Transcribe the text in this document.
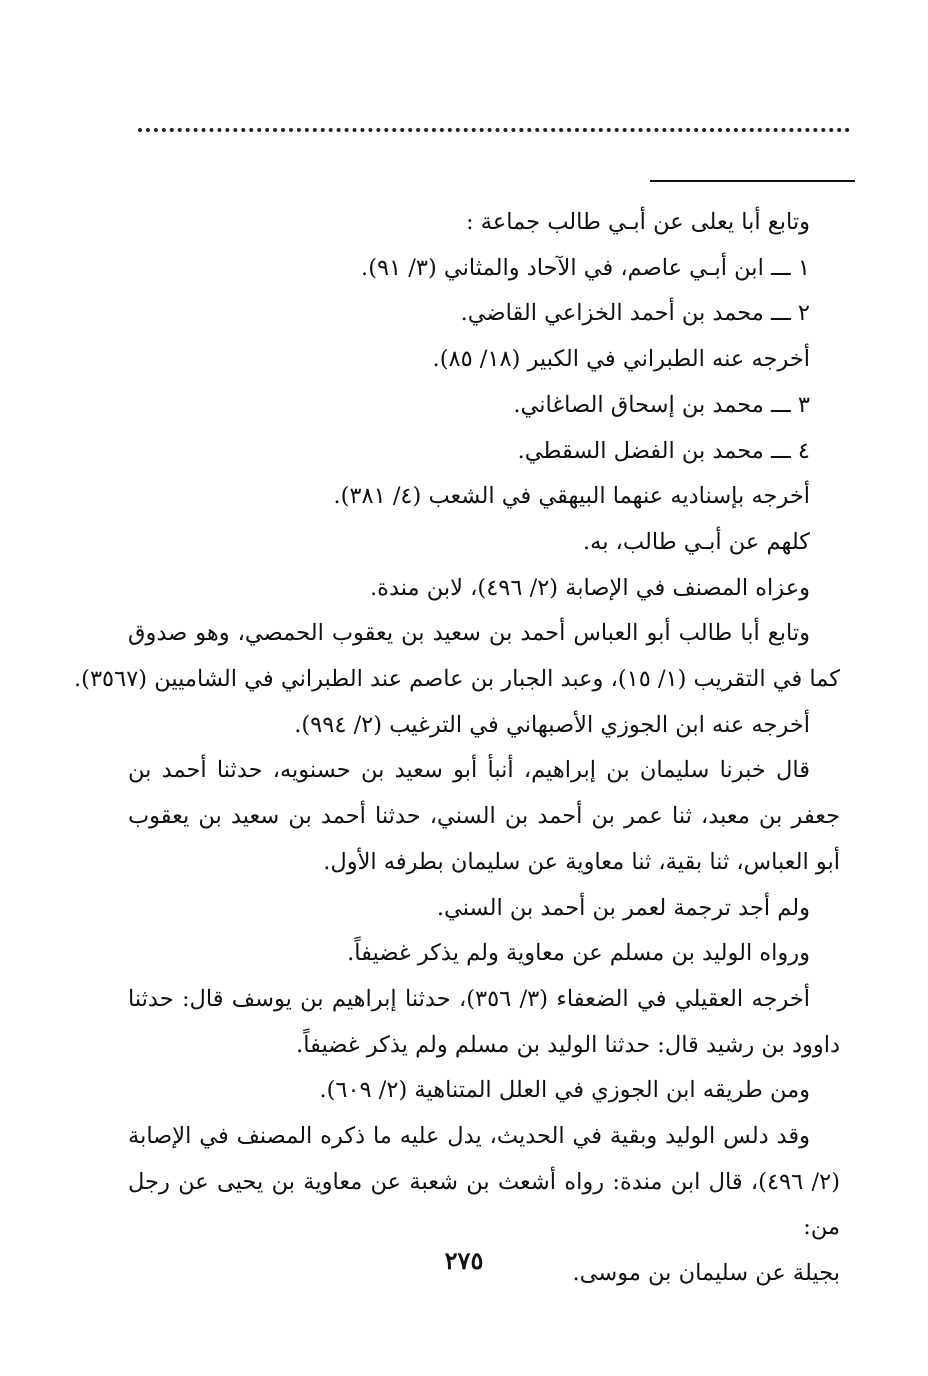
وتابع أبا يعلى عن أبـي طالب جماعة :
١ ـــ ابن أبـي عاصم، في الآحاد والمثاني (٣/ ٩١).
٢ ـــ محمد بن أحمد الخزاعي القاضي.
أخرجه عنه الطبراني في الكبير (١٨/ ٨٥).
٣ ـــ محمد بن إسحاق الصاغاني.
٤ ـــ محمد بن الفضل السقطي.
أخرجه بإسناديه عنهما البيهقي في الشعب (٤/ ٣٨١).
كلهم عن أبـي طالب، به.
وعزاه المصنف في الإصابة (٢/ ٤٩٦)، لابن مندة.
وتابع أبا طالب أبو العباس أحمد بن سعيد بن يعقوب الحمصي، وهو صدوق
كما في التقريب (١/ ١٥)، وعبد الجبار بن عاصم عند الطبراني في الشاميين (٣٥٦٧).
أخرجه عنه ابن الجوزي الأصبهاني في الترغيب (٢/ ٩٩٤).
قال خبرنا سليمان بن إبراهيم، أنبأ أبو سعيد بن حسنويه، حدثنا أحمد بن
جعفر بن معبد، ثنا عمر بن أحمد بن السني، حدثنا أحمد بن سعيد بن يعقوب
أبو العباس، ثنا بقية، ثنا معاوية عن سليمان بطرفه الأول.
ولم أجد ترجمة لعمر بن أحمد بن السني.
ورواه الوليد بن مسلم عن معاوية ولم يذكر غضيفاً.
أخرجه العقيلي في الضعفاء (٣/ ٣٥٦)، حدثنا إبراهيم بن يوسف قال: حدثنا
داوود بن رشيد قال: حدثنا الوليد بن مسلم ولم يذكر غضيفاً.
ومن طريقه ابن الجوزي في العلل المتناهية (٢/ ٦٠٩).
وقد دلس الوليد وبقية في الحديث، يدل عليه ما ذكره المصنف في الإصابة
(٢/ ٤٩٦)، قال ابن مندة: رواه أشعث بن شعبة عن معاوية بن يحيى عن رجل من:
بجيلة عن سليمان بن موسى.
٢٧٥
